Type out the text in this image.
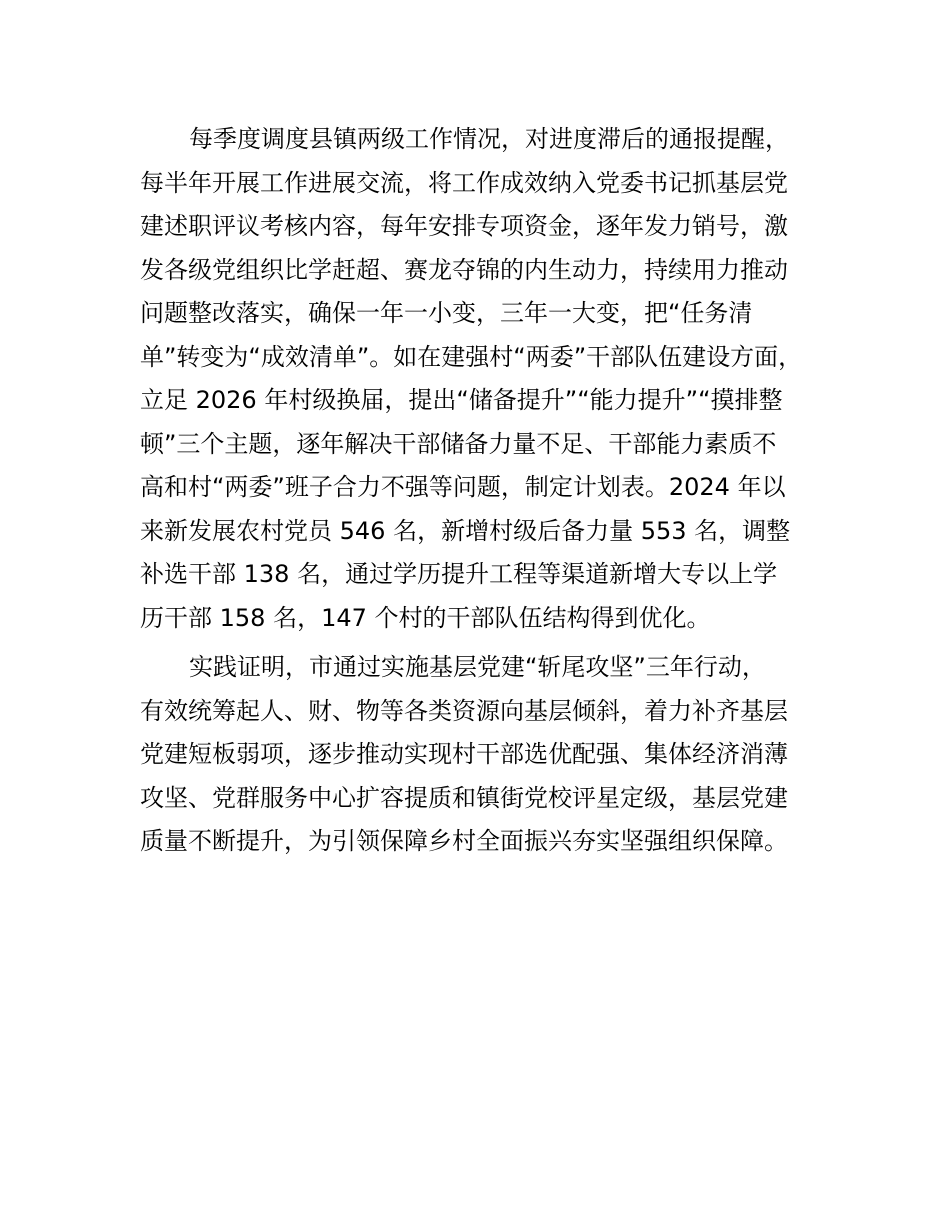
每季度调度县镇两级工作情况，对进度滞后的通报提醒，
每半年开展工作进展交流，将工作成效纳入党委书记抓基层党
建述职评议考核内容，每年安排专项资金，逐年发力销号，激
发各级党组织比学赶超、赛龙夺锦的内生动力，持续用力推动
问题整改落实，确保一年一小变，三年一大变，把“任务清
单”转变为“成效清单”。如在建强村“两委”干部队伍建设方面，
立足 2026 年村级换届，提出“储备提升”“能力提升”“摸排整
顿”三个主题，逐年解决干部储备力量不足、干部能力素质不
高和村“两委”班子合力不强等问题，制定计划表。2024 年以
来新发展农村党员 546 名，新增村级后备力量 553 名，调整
补选干部 138 名，通过学历提升工程等渠道新增大专以上学
历干部 158 名，147 个村的干部队伍结构得到优化。

实践证明，市通过实施基层党建“斩尾攻坚”三年行动，
有效统筹起人、财、物等各类资源向基层倾斜，着力补齐基层
党建短板弱项，逐步推动实现村干部选优配强、集体经济消薄
攻坚、党群服务中心扩容提质和镇街党校评星定级，基层党建
质量不断提升，为引领保障乡村全面振兴夯实坚强组织保障。
